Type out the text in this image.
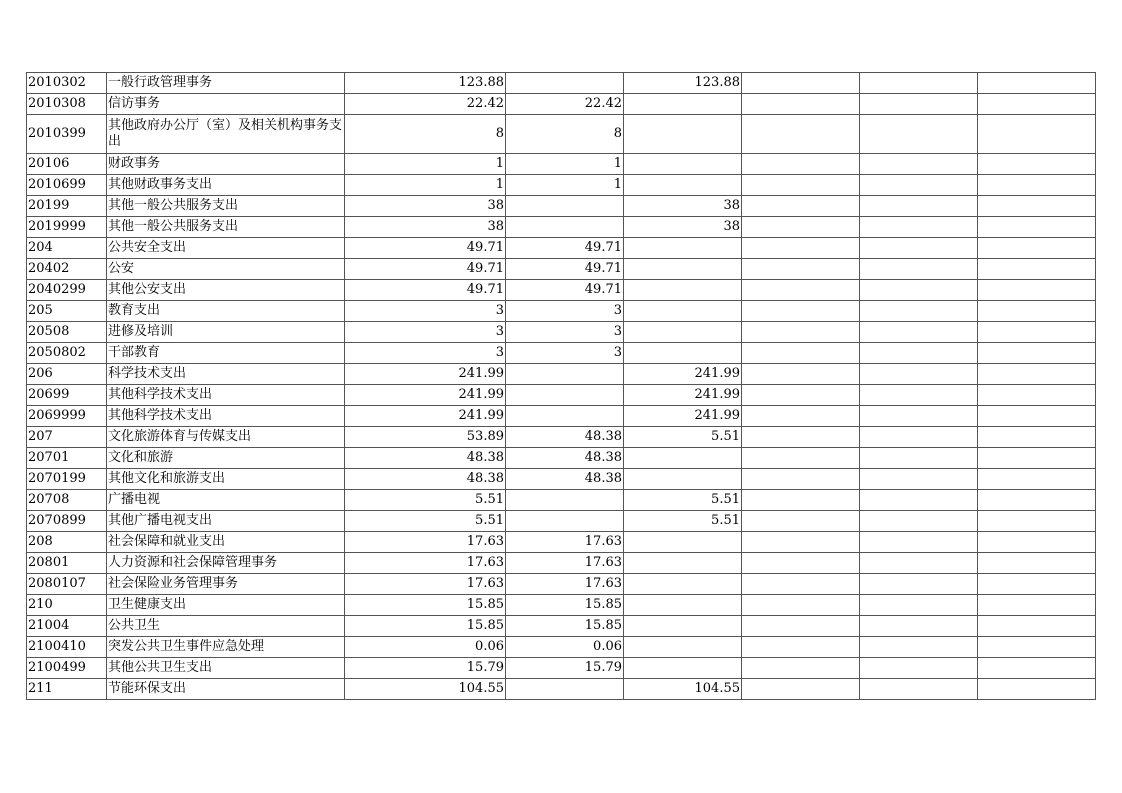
2010302	一般行政管理事务	123.88		123.88			
2010308	信访事务	22.42	22.42				
2010399	其他政府办公厅（室）及相关机构事务支出	8	8				
20106	财政事务	1	1				
2010699	其他财政事务支出	1	1				
20199	其他一般公共服务支出	38		38			
2019999	其他一般公共服务支出	38		38			
204	公共安全支出	49.71	49.71				
20402	公安	49.71	49.71				
2040299	其他公安支出	49.71	49.71				
205	教育支出	3	3				
20508	进修及培训	3	3				
2050802	干部教育	3	3				
206	科学技术支出	241.99		241.99			
20699	其他科学技术支出	241.99		241.99			
2069999	其他科学技术支出	241.99		241.99			
207	文化旅游体育与传媒支出	53.89	48.38	5.51			
20701	文化和旅游	48.38	48.38				
2070199	其他文化和旅游支出	48.38	48.38				
20708	广播电视	5.51		5.51			
2070899	其他广播电视支出	5.51		5.51			
208	社会保障和就业支出	17.63	17.63				
20801	人力资源和社会保障管理事务	17.63	17.63				
2080107	社会保险业务管理事务	17.63	17.63				
210	卫生健康支出	15.85	15.85				
21004	公共卫生	15.85	15.85				
2100410	突发公共卫生事件应急处理	0.06	0.06				
2100499	其他公共卫生支出	15.79	15.79				
211	节能环保支出	104.55		104.55			
